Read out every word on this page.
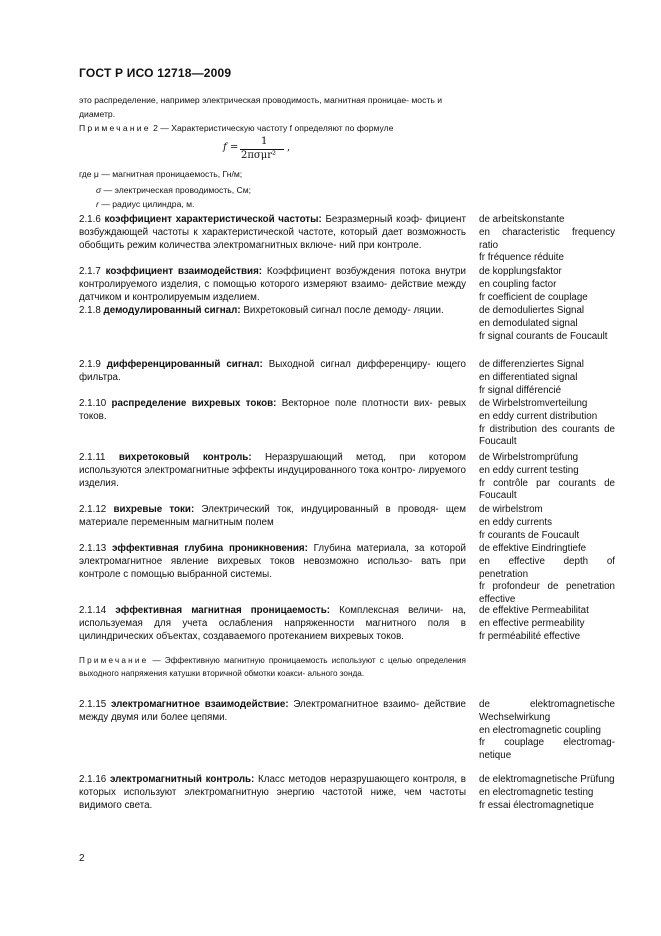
ГОСТ Р ИСО 12718—2009
это распределение, например электрическая проводимость, магнитная проницае- мость и диаметр.
Примечание 2 — Характеристическую частоту f определяют по формуле
f =
1
2πσμr²
,
где μ — магнитная проницаемость, Гн/м;
σ — электрическая проводимость, См;
r — радиус цилиндра, м.
2.1.6 коэффициент характеристической частоты: Безразмерный коэф- фициент возбуждающей частоты к характеристической частоте, который дает возможность обобщить режим количества электромагнитных включе- ний при контроле.
de arbeitskonstante
en characteristic frequency ratio
fr fréquence réduite
2.1.7 коэффициент взаимодействия: Коэффициент возбуждения потока внутри контролируемого изделия, с помощью которого измеряют взаимо- действие между датчиком и контролируемым изделием.
de kopplungsfaktor
en coupling factor
fr coefficient de couplage
2.1.8 демодулированный сигнал: Вихретоковый сигнал после демоду- ляции.	de demoduliertes Signal
en demodulated signal
fr signal courants de Foucault
2.1.9 дифференцированный сигнал: Выходной сигнал дифференциру- ющего фильтра.
de differenziertes Signal
en differentiated signal
fr signal différencié
2.1.10 распределение вихревых токов: Векторное поле плотности вих- ревых токов.
de Wirbelstromverteilung
en eddy current distribution
fr distribution des courants de Foucault
2.1.11 вихретоковый контроль: Неразрушающий метод, при котором используются электромагнитные эффекты индуцированного тока контро- лируемого изделия.
de Wirbelstromprüfung
en eddy current testing
fr contrôle par courants de Foucault
2.1.12 вихревые токи: Электрический ток, индуцированный в проводя- щем материале переменным магнитным полем
de wirbelstrom
en eddy currents
fr courants de Foucault
2.1.13 эффективная глубина проникновения: Глубина материала, за которой электромагнитное явление вихревых токов невозможно использо- вать при контроле с помощью выбранной системы.
de effektive Eindringtiefe
en effective depth of penetration
fr profondeur de penetration effective
2.1.14 эффективная магнитная проницаемость: Комплексная величи- на, используемая для учета ослабления напряженности магнитного поля в цилиндрических объектах, создаваемого протеканием вихревых токов.
de effektive Permeabilitat
en effective permeability
fr perméabilité effective
Примечание — Эффективную магнитную проницаемость используют с целью определения выходного напряжения катушки вторичной обмотки коакси- ального зонда.
2.1.15 электромагнитное взаимодействие: Электромагнитное взаимо- действие между двумя или более цепями.
de elektromagnetische Wechselwirkung
en electromagnetic coupling
fr couplage electromag- netique
2.1.16 электромагнитный контроль: Класс методов неразрушающего контроля, в которых используют электромагнитную энергию частотой ниже, чем частоты видимого света.
de elektromagnetische Prüfung
en electromagnetic testing
fr essai électromagnetique
2
